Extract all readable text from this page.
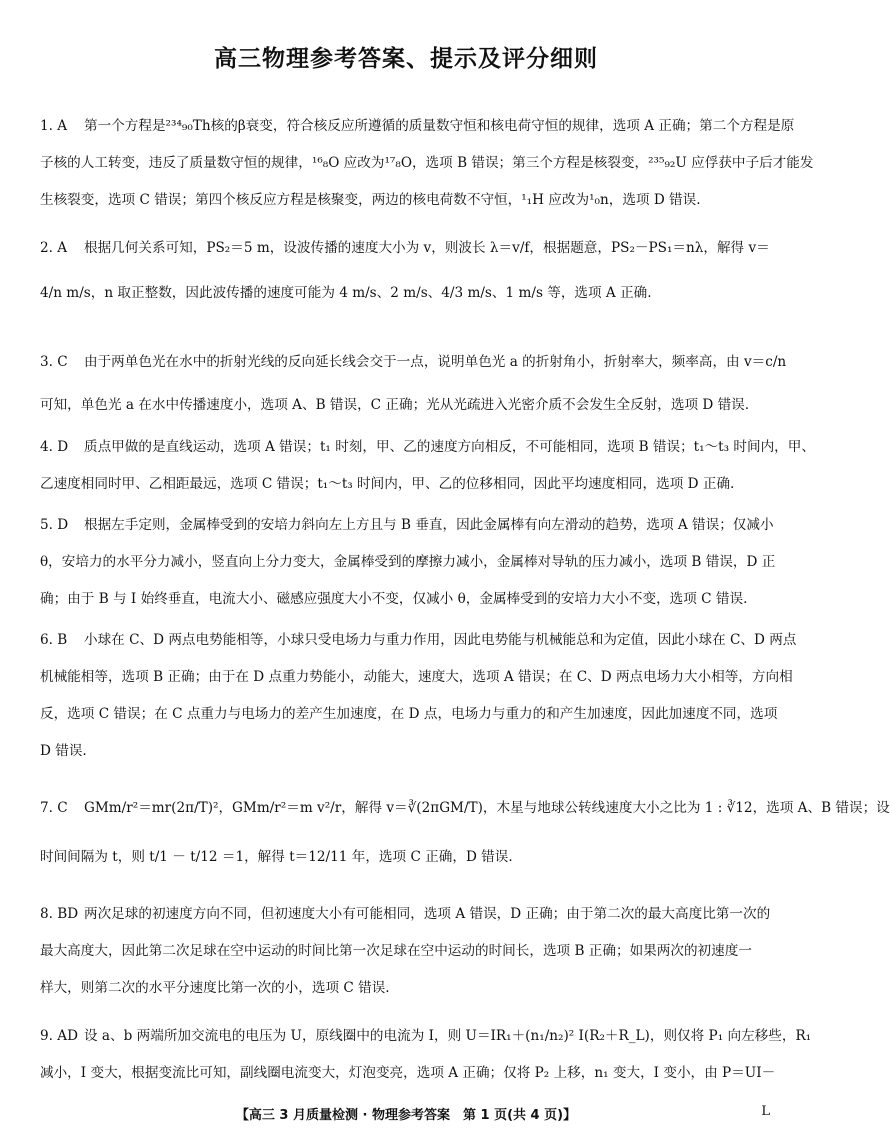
高三物理参考答案、提示及评分细则

1. A 第一个方程是²³⁴₉₀Th核的β衰变，符合核反应所遵循的质量数守恒和核电荷守恒的规律，选项 A 正确；第二个方程是原

子核的人工转变，违反了质量数守恒的规律，¹⁶₈O 应改为¹⁷₈O，选项 B 错误；第三个方程是核裂变，²³⁵₉₂U 应俘获中子后才能发

生核裂变，选项 C 错误；第四个核反应方程是核聚变，两边的核电荷数不守恒，¹₁H 应改为¹₀n，选项 D 错误.

2. A 根据几何关系可知，PS₂＝5 m，设波传播的速度大小为 v，则波长 λ＝v/f，根据题意，PS₂－PS₁＝nλ，解得 v＝

4/n m/s，n 取正整数，因此波传播的速度可能为 4 m/s、2 m/s、4/3 m/s、1 m/s 等，选项 A 正确.

3. C 由于两单色光在水中的折射光线的反向延长线会交于一点，说明单色光 a 的折射角小，折射率大，频率高，由 v＝c/n

可知，单色光 a 在水中传播速度小，选项 A、B 错误，C 正确；光从光疏进入光密介质不会发生全反射，选项 D 错误.

4. D 质点甲做的是直线运动，选项 A 错误；t₁ 时刻，甲、乙的速度方向相反，不可能相同，选项 B 错误；t₁～t₃ 时间内，甲、

乙速度相同时甲、乙相距最远，选项 C 错误；t₁～t₃ 时间内，甲、乙的位移相同，因此平均速度相同，选项 D 正确.

5. D 根据左手定则，金属棒受到的安培力斜向左上方且与 B 垂直，因此金属棒有向左滑动的趋势，选项 A 错误；仅减小

θ，安培力的水平分力减小，竖直向上分力变大，金属棒受到的摩擦力减小，金属棒对导轨的压力减小，选项 B 错误，D 正

确；由于 B 与 I 始终垂直，电流大小、磁感应强度大小不变，仅减小 θ，金属棒受到的安培力大小不变，选项 C 错误.

6. B 小球在 C、D 两点电势能相等，小球只受电场力与重力作用，因此电势能与机械能总和为定值，因此小球在 C、D 两点

机械能相等，选项 B 正确；由于在 D 点重力势能小，动能大，速度大，选项 A 错误；在 C、D 两点电场力大小相等，方向相

反，选项 C 错误；在 C 点重力与电场力的差产生加速度，在 D 点，电场力与重力的和产生加速度，因此加速度不同，选项

D 错误.

7. C GMm/r²＝mr(2π/T)²，GMm/r²＝m v²/r，解得 v＝∛(2πGM/T)，木星与地球公转线速度大小之比为 1 : ∛12，选项 A、B 错误；设

时间间隔为 t，则 t/1 － t/12 ＝1，解得 t＝12/11 年，选项 C 正确，D 错误.

8. BD 两次足球的初速度方向不同，但初速度大小有可能相同，选项 A 错误，D 正确；由于第二次的最大高度比第一次的

最大高度大，因此第二次足球在空中运动的时间比第一次足球在空中运动的时间长，选项 B 正确；如果两次的初速度一

样大，则第二次的水平分速度比第一次的小，选项 C 错误.

9. AD 设 a、b 两端所加交流电的电压为 U，原线圈中的电流为 I，则 U＝IR₁＋(n₁/n₂)² I(R₂＋R_L)，则仅将 P₁ 向左移些，R₁

减小，I 变大，根据变流比可知，副线圈电流变大，灯泡变亮，选项 A 正确；仅将 P₂ 上移，n₁ 变大，I 变小，由 P＝UI－

【高三 3 月质量检测 · 物理参考答案　第 1 页(共 4 页)】	L
